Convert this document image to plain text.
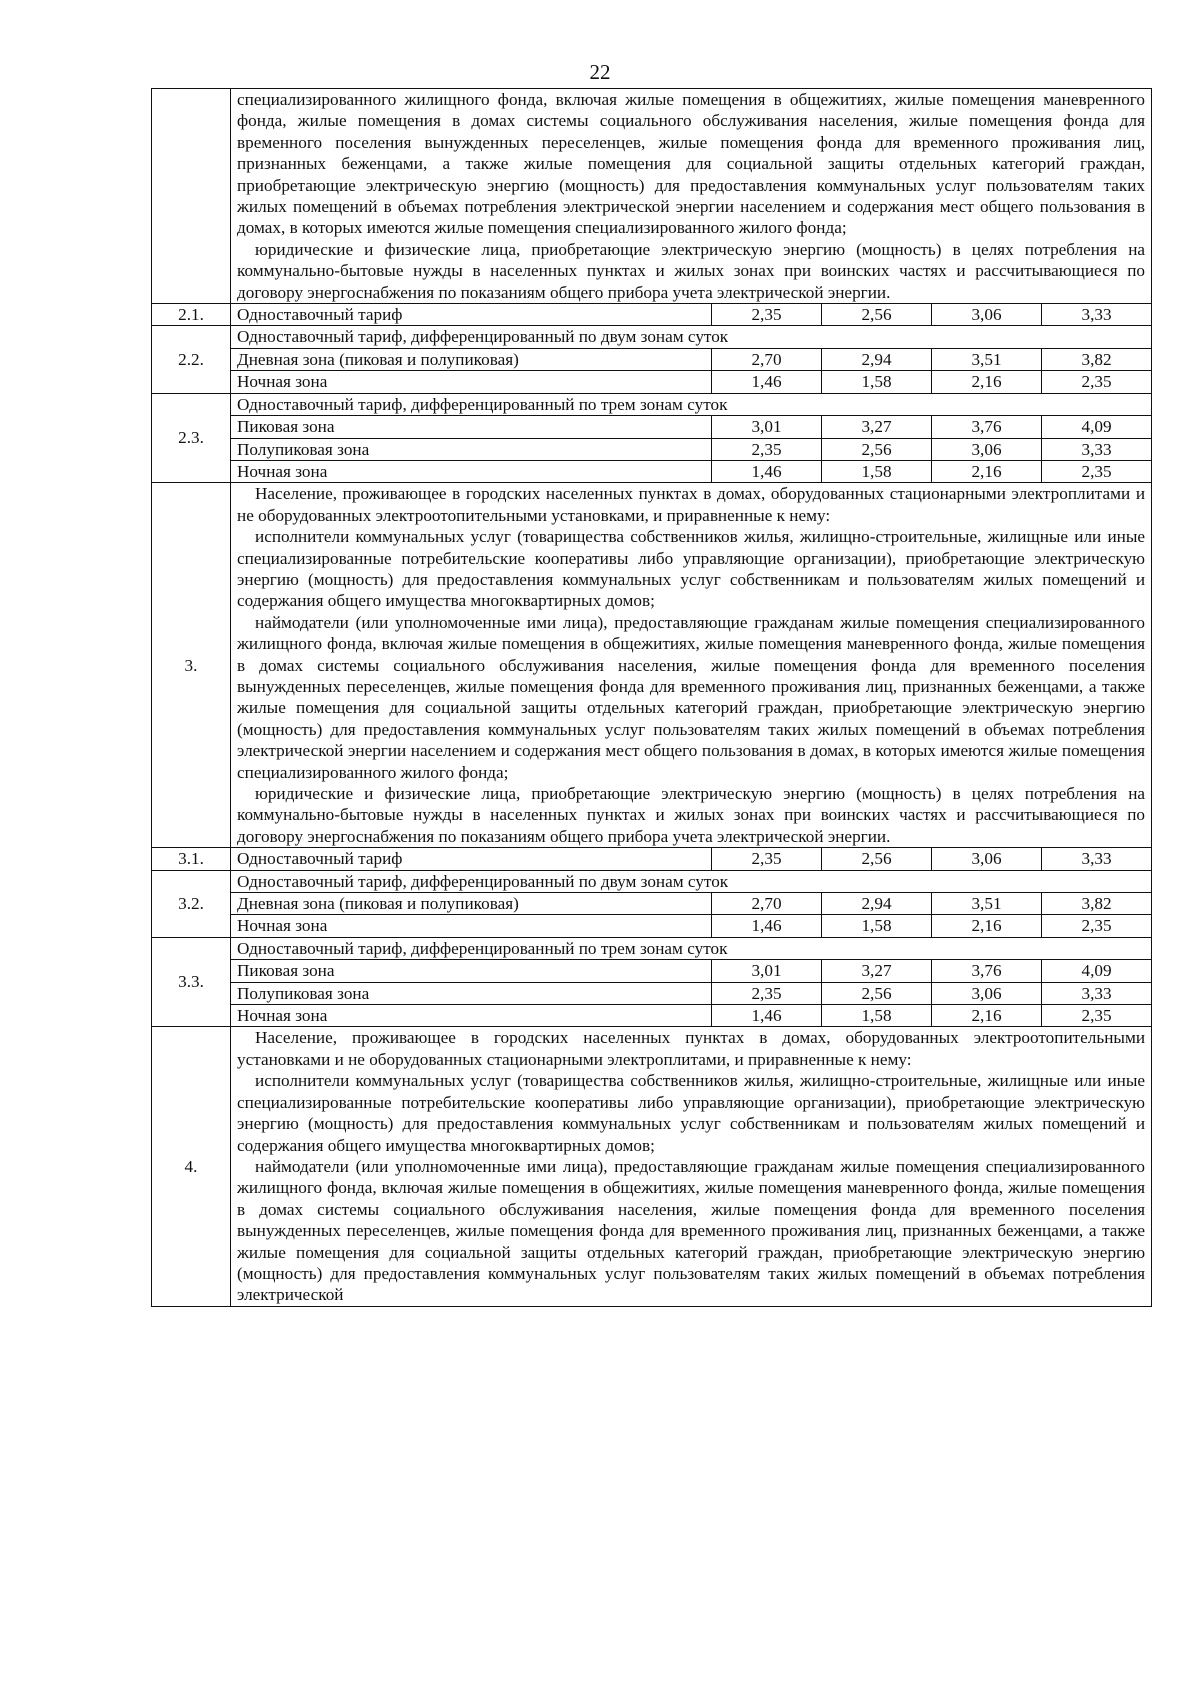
22

	специализированного жилищного фонда, включая жилые помещения в общежитиях, жилые помещения маневренного фонда, жилые помещения в домах системы социального обслуживания населения, жилые помещения фонда для временного поселения вынужденных переселенцев, жилые помещения фонда для временного проживания лиц, признанных беженцами, а также жилые помещения для социальной защиты отдельных категорий граждан, приобретающие электрическую энергию (мощность) для предоставления коммунальных услуг пользователям таких жилых помещений в объемах потребления электрической энергии населением и содержания мест общего пользования в домах, в которых имеются жилые помещения специализированного жилого фонда;

юридические и физические лица, приобретающие электрическую энергию (мощность) в целях потребления на коммунально-бытовые нужды в населенных пунктах и жилых зонах при воинских частях и рассчитывающиеся по договору энергоснабжения по показаниям общего прибора учета электрической энергии.				

2.1.	Одноставочный тариф	2,35	2,56	3,06	3,33
2.2.	Одноставочный тариф, дифференцированный по двум зонам суток				
	Дневная зона (пиковая и полупиковая)	2,70	2,94	3,51	3,82
	Ночная зона	1,46	1,58	2,16	2,35
2.3.	Одноставочный тариф, дифференцированный по трем зонам суток				
	Пиковая зона	3,01	3,27	3,76	4,09
	Полупиковая зона	2,35	2,56	3,06	3,33
	Ночная зона	1,46	1,58	2,16	2,35
3.	Население, проживающее в городских населенных пунктах в домах, оборудованных стационарными электроплитами и не оборудованных электроотопительными установками, и приравненные к нему:

исполнители коммунальных услуг (товарищества собственников жилья, жилищно-строительные, жилищные или иные специализированные потребительские кооперативы либо управляющие организации), приобретающие электрическую энергию (мощность) для предоставления коммунальных услуг собственникам и пользователям жилых помещений и содержания общего имущества многоквартирных домов;

наймодатели (или уполномоченные ими лица), предоставляющие гражданам жилые помещения специализированного жилищного фонда, включая жилые помещения в общежитиях, жилые помещения маневренного фонда, жилые помещения в домах системы социального обслуживания населения, жилые помещения фонда для временного поселения вынужденных переселенцев, жилые помещения фонда для временного проживания лиц, признанных беженцами, а также жилые помещения для социальной защиты отдельных категорий граждан, приобретающие электрическую энергию (мощность) для предоставления коммунальных услуг пользователям таких жилых помещений в объемах потребления электрической энергии населением и содержания мест общего пользования в домах, в которых имеются жилые помещения специализированного жилого фонда;

юридические и физические лица, приобретающие электрическую энергию (мощность) в целях потребления на коммунально-бытовые нужды в населенных пунктах и жилых зонах при воинских частях и рассчитывающиеся по договору энергоснабжения по показаниям общего прибора учета электрической энергии.				

3.1.	Одноставочный тариф	2,35	2,56	3,06	3,33
3.2.	Одноставочный тариф, дифференцированный по двум зонам суток				
	Дневная зона (пиковая и полупиковая)	2,70	2,94	3,51	3,82
	Ночная зона	1,46	1,58	2,16	2,35
3.3.	Одноставочный тариф, дифференцированный по трем зонам суток				
	Пиковая зона	3,01	3,27	3,76	4,09
	Полупиковая зона	2,35	2,56	3,06	3,33
	Ночная зона	1,46	1,58	2,16	2,35
4.	Население, проживающее в городских населенных пунктах в домах, оборудованных электроотопительными установками и не оборудованных стационарными электроплитами, и приравненные к нему:

исполнители коммунальных услуг (товарищества собственников жилья, жилищно-строительные, жилищные или иные специализированные потребительские кооперативы либо управляющие организации), приобретающие электрическую энергию (мощность) для предоставления коммунальных услуг собственникам и пользователям жилых помещений и содержания общего имущества многоквартирных домов;

наймодатели (или уполномоченные ими лица), предоставляющие гражданам жилые помещения специализированного жилищного фонда, включая жилые помещения в общежитиях, жилые помещения маневренного фонда, жилые помещения в домах системы социального обслуживания населения, жилые помещения фонда для временного поселения вынужденных переселенцев, жилые помещения фонда для временного проживания лиц, признанных беженцами, а также жилые помещения для социальной защиты отдельных категорий граждан, приобретающие электрическую энергию (мощность) для предоставления коммунальных услуг пользователям таких жилых помещений в объемах потребления электрической				
